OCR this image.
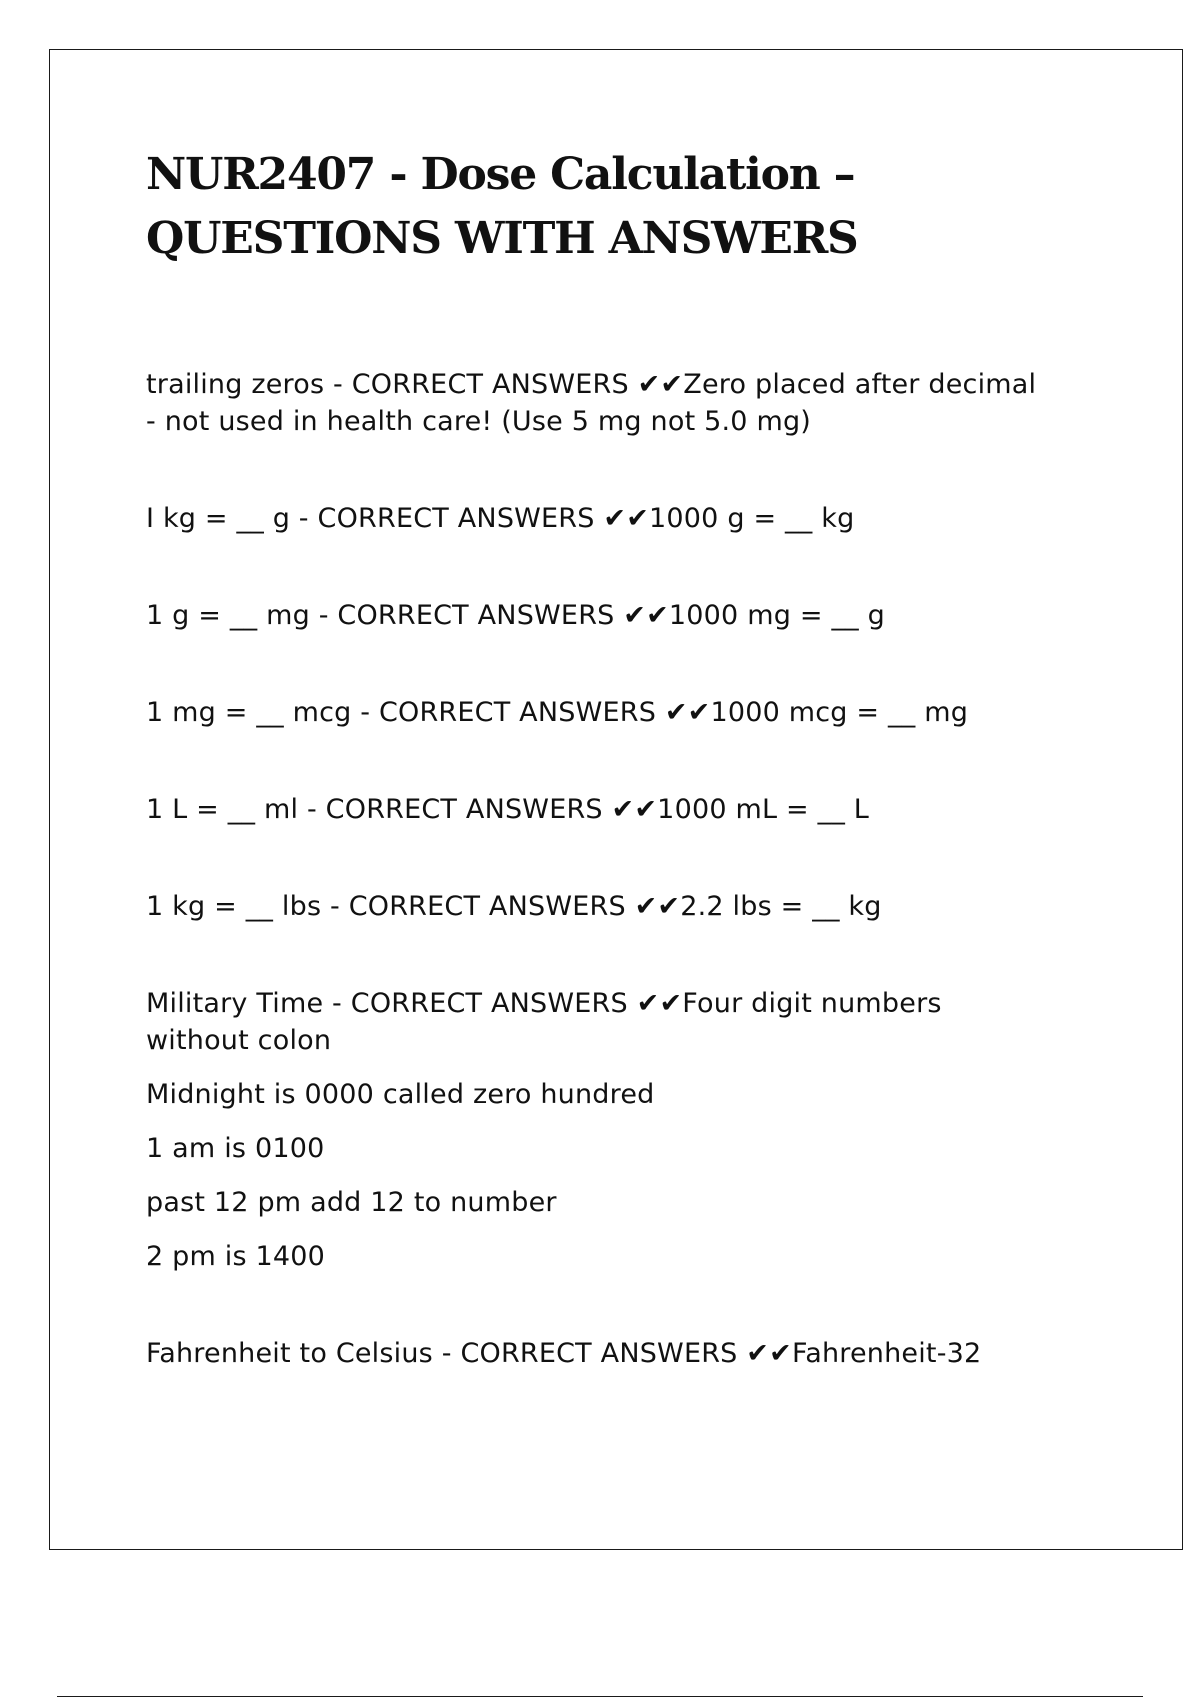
NUR2407 - Dose Calculation – QUESTIONS WITH ANSWERS

trailing zeros - CORRECT ANSWERS ✔✔Zero placed after decimal - not used in health care! (Use 5 mg not 5.0 mg)

I kg = __ g - CORRECT ANSWERS ✔✔1000 g = __ kg

1 g = __ mg - CORRECT ANSWERS ✔✔1000 mg = __ g

1 mg = __ mcg - CORRECT ANSWERS ✔✔1000 mcg = __ mg

1 L = __ ml - CORRECT ANSWERS ✔✔1000 mL = __ L

1 kg = __ lbs - CORRECT ANSWERS ✔✔2.2 lbs = __ kg

Military Time - CORRECT ANSWERS ✔✔Four digit numbers without colon

Midnight is 0000 called zero hundred

1 am is 0100

past 12 pm add 12 to number

2 pm is 1400

Fahrenheit to Celsius - CORRECT ANSWERS ✔✔Fahrenheit-32
